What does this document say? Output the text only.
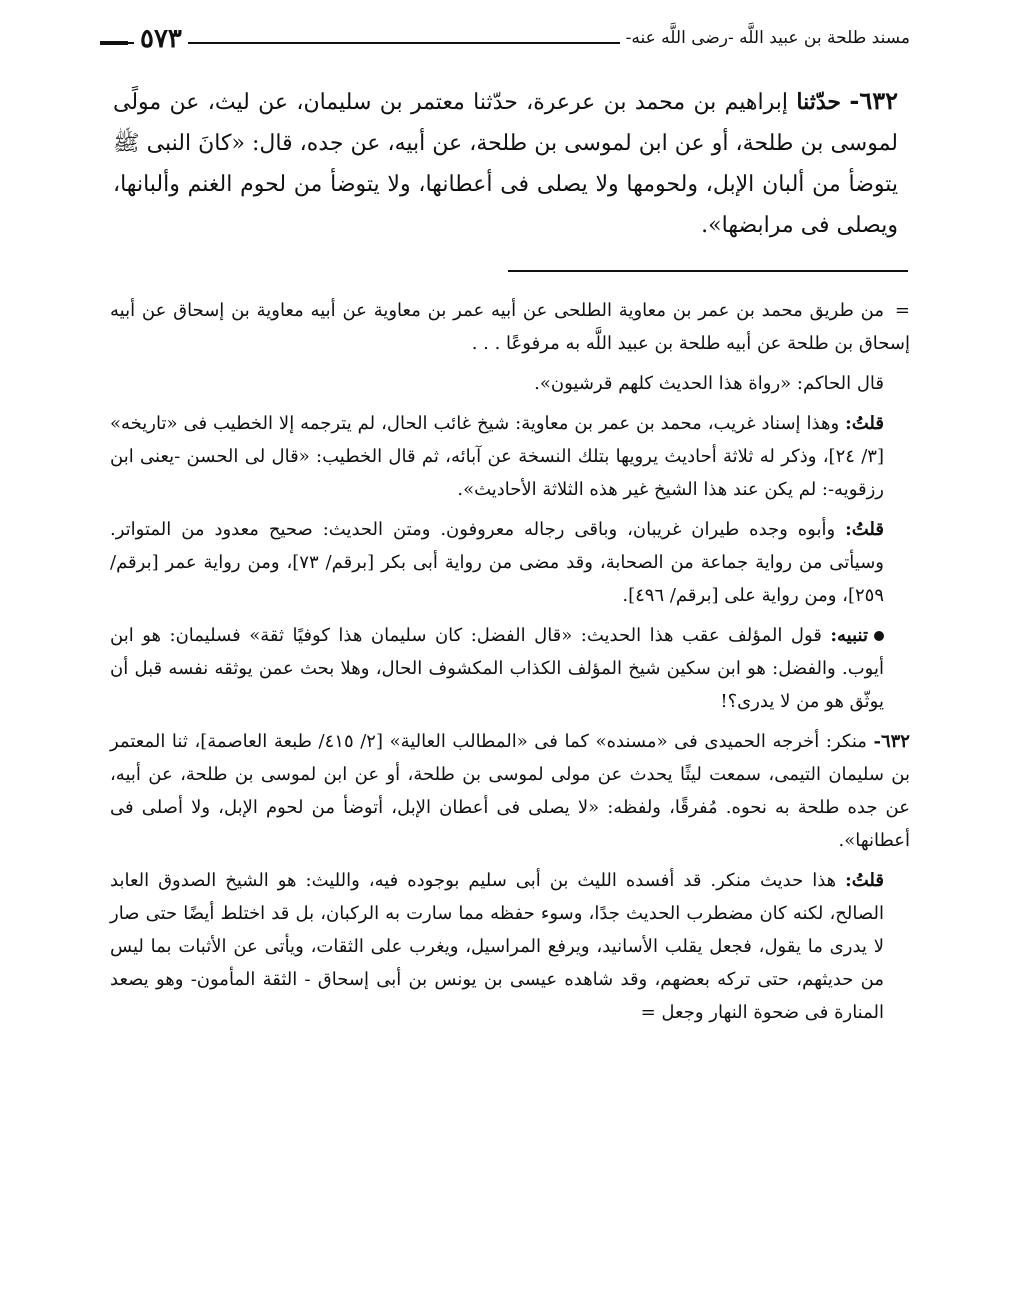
مسند طلحة بن عبيد اللَّه -رضى اللَّه عنه-
٥٧٣
٦٣٢- حدّثنا إبراهيم بن محمد بن عرعرة، حدّثنا معتمر بن سليمان، عن ليث، عن مولًى لموسى بن طلحة، أو عن ابن لموسى بن طلحة، عن أبيه، عن جده، قال: «كانَ النبى ﷺ يتوضأ من ألبان الإبل، ولحومها ولا يصلى فى أعطانها، ولا يتوضأ من لحوم الغنم وألبانها، ويصلى فى مرابضها».

=من طريق محمد بن عمر بن معاوية الطلحى عن أبيه عمر بن معاوية عن أبيه معاوية بن إسحاق عن أبيه إسحاق بن طلحة عن أبيه طلحة بن عبيد اللَّه به مرفوعًا . . .

قال الحاكم: «رواة هذا الحديث كلهم قرشيون».

قلتُ: وهذا إسناد غريب، محمد بن عمر بن معاوية: شيخ غائب الحال، لم يترجمه إلا الخطيب فى «تاريخه» [٣/ ٢٤]، وذكر له ثلاثة أحاديث يرويها بتلك النسخة عن آبائه، ثم قال الخطيب: «قال لى الحسن -يعنى ابن رزقويه-: لم يكن عند هذا الشيخ غير هذه الثلاثة الأحاديث».

قلتُ: وأبوه وجده طيران غريبان، وباقى رجاله معروفون. ومتن الحديث: صحيح معدود من المتواتر. وسيأتى من رواية جماعة من الصحابة، وقد مضى من رواية أبى بكر [برقم/ ٧٣]، ومن رواية عمر [برقم/ ٢٥٩]، ومن رواية على [برقم/ ٤٩٦].

تنبيه: قول المؤلف عقب هذا الحديث: «قال الفضل: كان سليمان هذا كوفيًا ثقة» فسليمان: هو ابن أيوب. والفضل: هو ابن سكين شيخ المؤلف الكذاب المكشوف الحال، وهلا بحث عمن يوثقه نفسه قبل أن يوثّق هو من لا يدرى؟!

٦٣٢- منكر: أخرجه الحميدى فى «مسنده» كما فى «المطالب العالية» [٢/ ٤١٥/ طبعة العاصمة]، ثنا المعتمر بن سليمان التيمى، سمعت ليثًا يحدث عن مولى لموسى بن طلحة، أو عن ابن لموسى بن طلحة، عن أبيه، عن جده طلحة به نحوه. مُفرقًا، ولفظه: «لا يصلى فى أعطان الإبل، أتوضأ من لحوم الإبل، ولا أصلى فى أعطانها».

قلتُ: هذا حديث منكر. قد أفسده الليث بن أبى سليم بوجوده فيه، والليث: هو الشيخ الصدوق العابد الصالح، لكنه كان مضطرب الحديث جدًا، وسوء حفظه مما سارت به الركبان، بل قد اختلط أيضًا حتى صار لا يدرى ما يقول، فجعل يقلب الأسانيد، ويرفع المراسيل، ويغرب على الثقات، ويأتى عن الأثبات بما ليس من حديثهم، حتى تركه بعضهم، وقد شاهده عيسى بن يونس بن أبى إسحاق - الثقة المأمون- وهو يصعد المنارة فى ضحوة النهار وجعل =
